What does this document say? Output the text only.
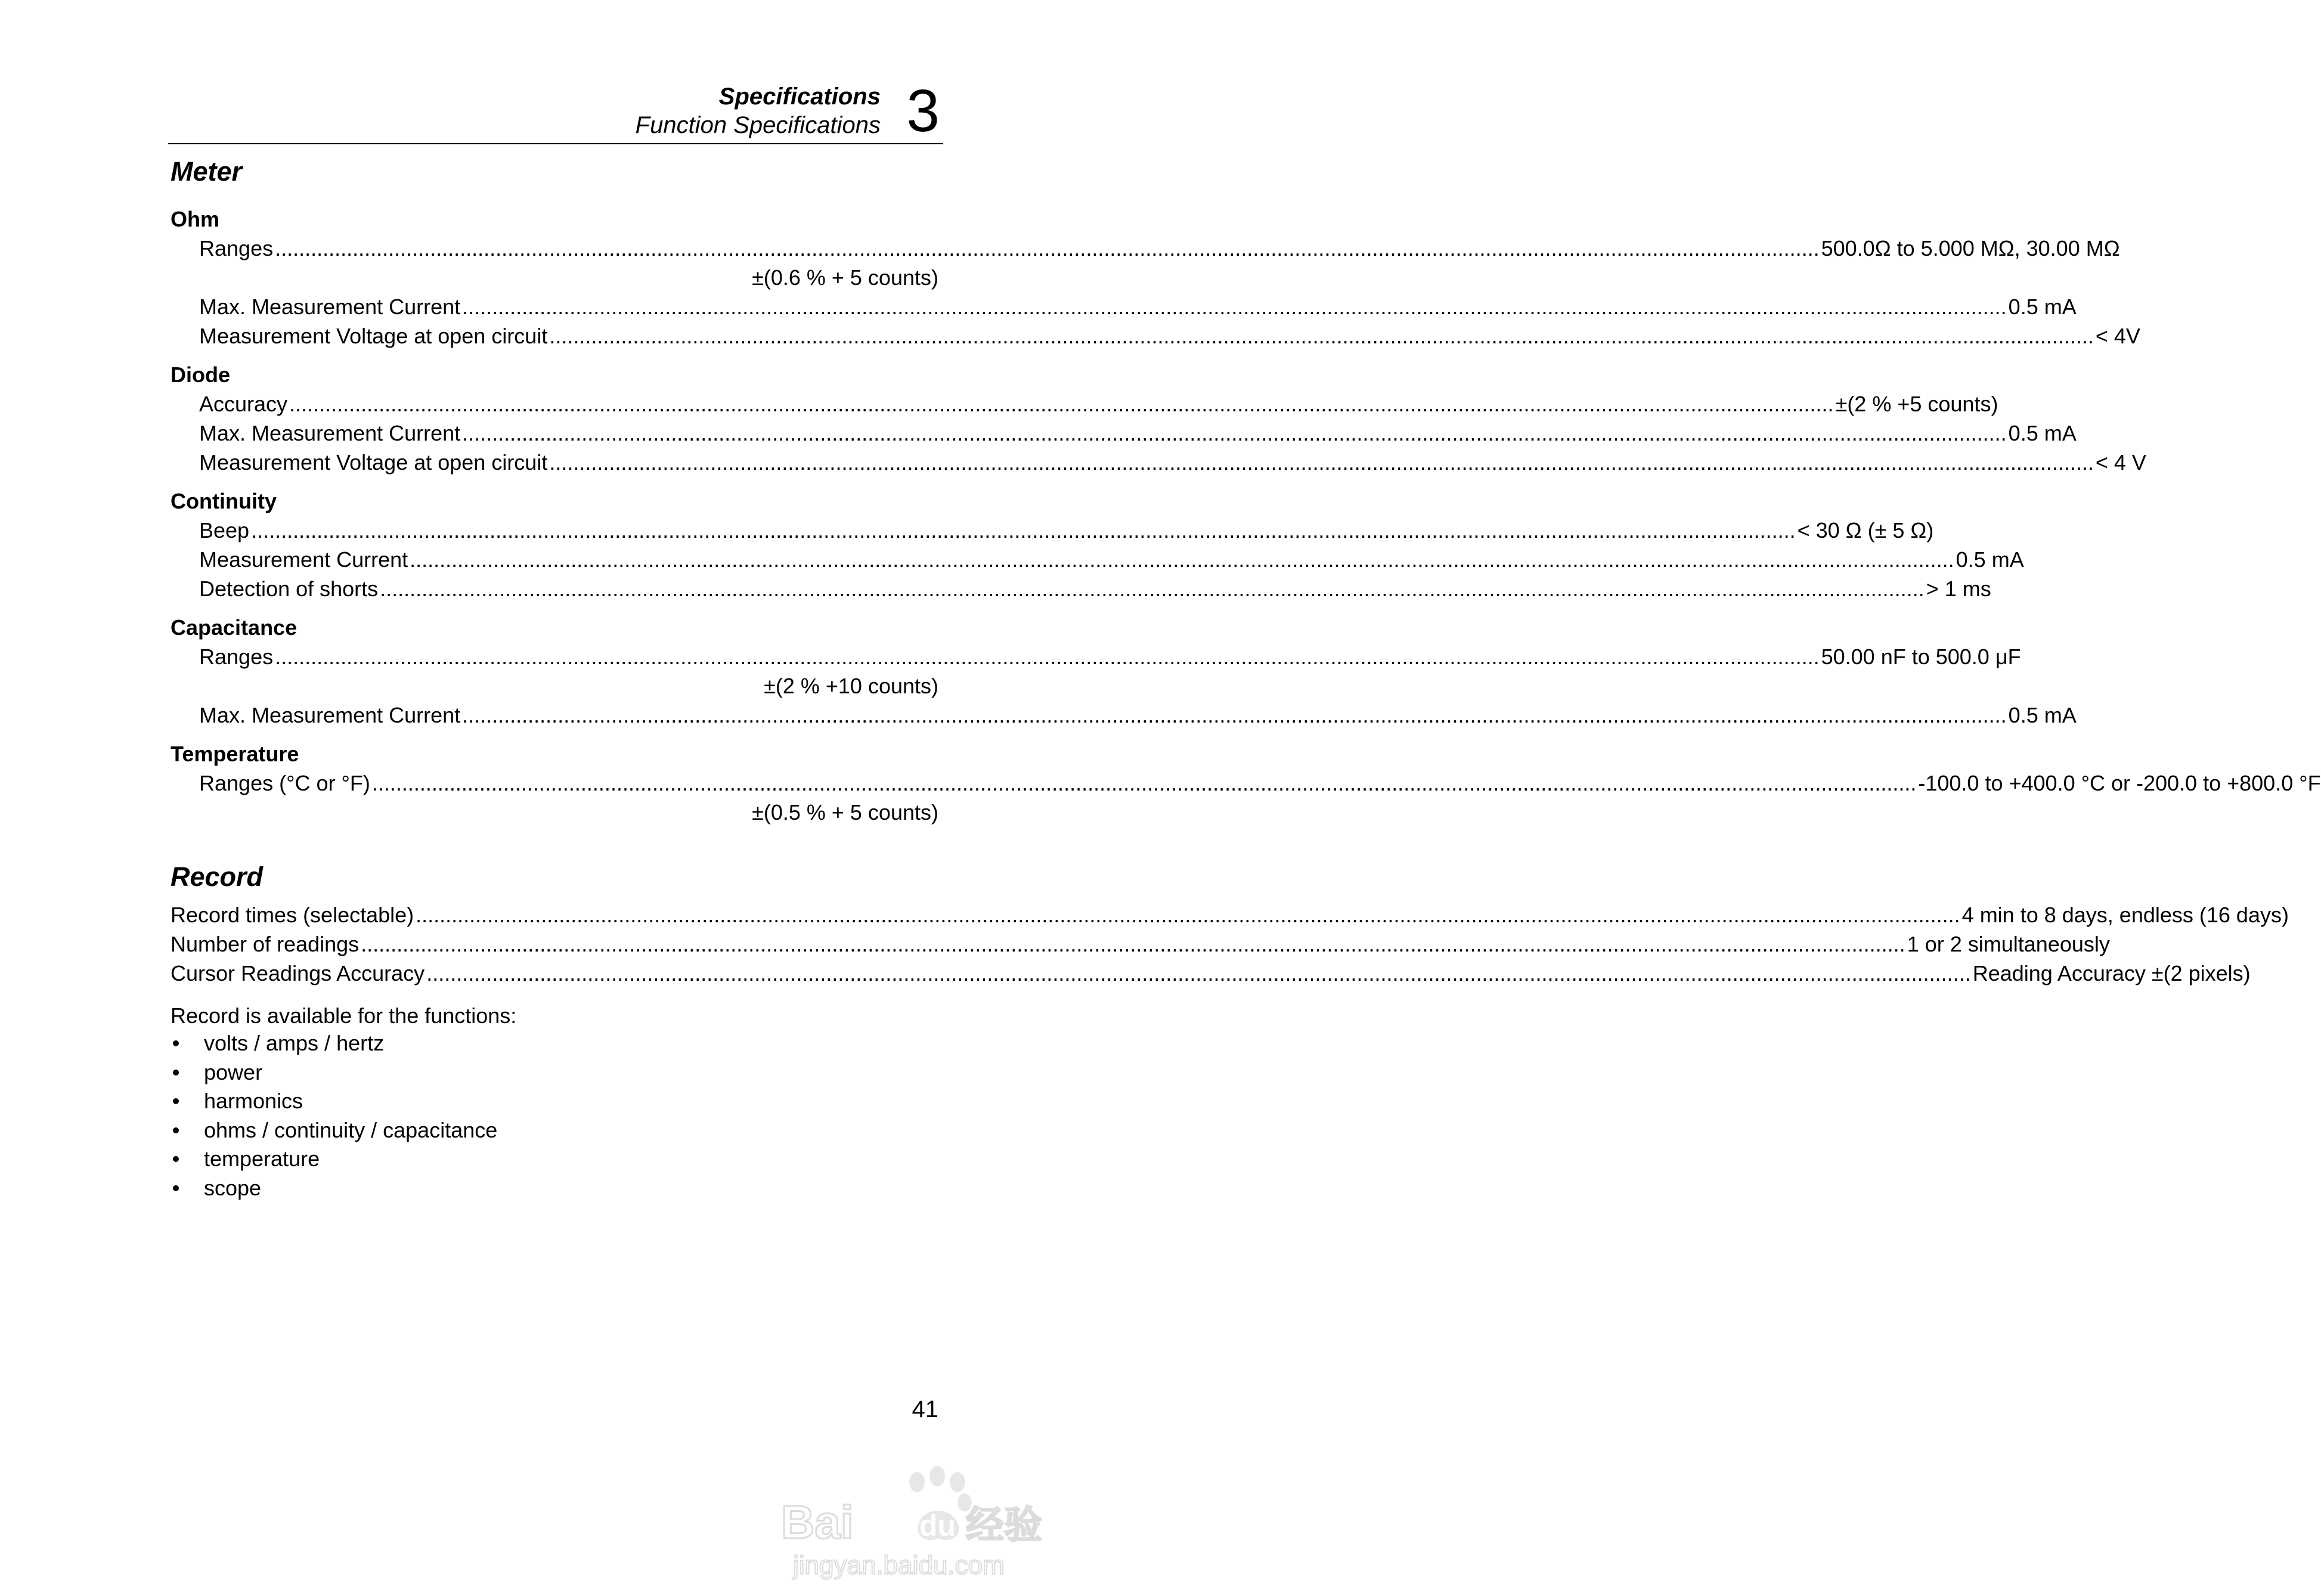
Specifications
Function Specifications 3
Meter
Ohm
Ranges .....	500.0Ω to 5.000 MΩ, 30.00 MΩ
±(0.6 % + 5 counts)
Max. Measurement Current .....	0.5 mA
Measurement Voltage at open circuit .....	< 4V
Diode
Accuracy .....	±(2 % +5 counts)
Max. Measurement Current .....	0.5 mA
Measurement Voltage at open circuit .....	< 4 V
Continuity
Beep .....	< 30 Ω (± 5 Ω)
Measurement Current .....	0.5 mA
Detection of shorts .....	> 1 ms
Capacitance
Ranges .....	50.00 nF to 500.0 μF
±(2 % +10 counts)
Max. Measurement Current .....	0.5 mA
Temperature
Ranges (°C or °F) .....	-100.0 to +400.0 °C or -200.0 to +800.0 °F
±(0.5 % + 5 counts)
Record
Record times (selectable) .....	4 min to 8 days, endless (16 days)
Number of readings .....	1 or 2 simultaneously
Cursor Readings Accuracy .....	Reading Accuracy ±(2 pixels)
Record is available for the functions:
volts / amps / hertz
power
harmonics
ohms / continuity / capacitance
temperature
scope
41
Bai du 经验
jingyan.baidu.com
